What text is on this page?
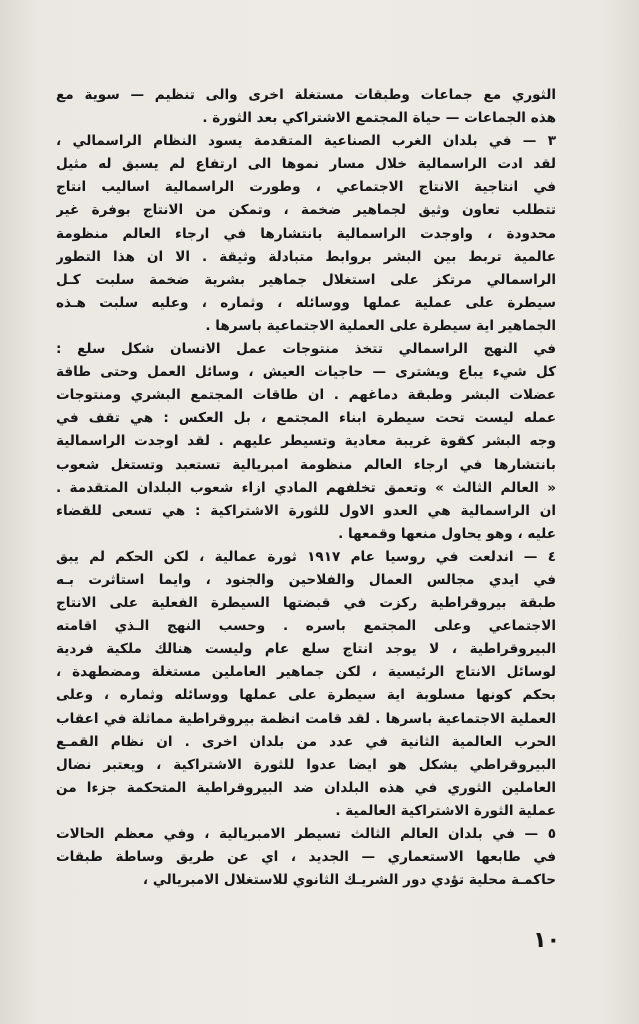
الثوري مع جماعات وطبقات مستغلة اخرى والى تنظيم — سوية مع
هذه الجماعات — حياة المجتمع الاشتراكي بعد الثورة .
٣ — في بلدان الغرب الصناعية المتقدمة يسود النظام الراسمالي ،
لقد ادت الراسمالية خلال مسار نموها الى ارتفاع لم يسبق له مثيل
في انتاجية الانتاج الاجتماعي ، وطورت الراسمالية اساليب انتاج
تتطلب تعاون وثيق لجماهير ضخمة ، وتمكن من الانتاج بوفرة غير
محدودة ، واوجدت الراسمالية بانتشارها في ارجاء العالم منظومة
عالمية تربط بين البشر بروابط متبادلة وثيقة . الا ان هذا التطور
الراسمالي مرتكز على استغلال جماهير بشرية ضخمة سلبت كـل
سيطرة على عملية عملها ووسائله ، وثماره ، وعليه سلبت هـذه
الجماهير اية سيطرة على العملية الاجتماعية باسرها .
في النهج الراسمالي تتخذ منتوجات عمل الانسان شكل سلع :
كل شيء يباع ويشترى — حاجيات العيش ، وسائل العمل وحتى طاقة
عضلات البشر وطبقة دماغهم . ان طاقات المجتمع البشري ومنتوجات
عمله ليست تحت سيطرة ابناء المجتمع ، بل العكس : هي تقف في
وجه البشر كقوة غريبة معادية وتسيطر عليهم . لقد اوجدت الراسمالية
بانتشارها في ارجاء العالم منظومة امبريالية تستعبد وتستغل شعوب
« العالم الثالث » وتعمق تخلفهم المادي ازاء شعوب البلدان المتقدمة .
ان الراسمالية هي العدو الاول للثورة الاشتراكية : هي تسعى للقضاء
عليه ، وهو يحاول منعها وقمعها .
٤ — اندلعت في روسيا عام ١٩١٧ ثورة عمالية ، لكن الحكم لم يبق
في ايدي مجالس العمال والفلاحين والجنود ، وايما استاثرت بـه
طبقة بيروقراطية ركزت في قبضتها السيطرة الفعلية على الانتاج
الاجتماعي وعلى المجتمع باسره . وحسب النهج الـذي اقامته
البيروقراطية ، لا يوجد انتاج سلع عام وليست هنالك ملكية فردية
لوسائل الانتاج الرئيسية ، لكن جماهير العاملين مستغلة ومضطهدة ،
بحكم كونها مسلوبة اية سيطرة على عملها ووسائله وثماره ، وعلى
العملية الاجتماعية باسرها . لقد قامت انظمة بيروقراطية مماثلة في اعقاب
الحرب العالمية الثانية في عدد من بلدان اخرى . ان نظام القمـع
البيروقراطي يشكل هو ايضا عدوا للثورة الاشتراكية ، ويعتبر نضال
العاملين الثوري في هذه البلدان ضد البيروقراطية المتحكمة جزءا من
عملية الثورة الاشتراكية العالمية .
٥ — في بلدان العالم الثالث تسيطر الامبريالية ، وفي معظم الحالات
في طابعها الاستعماري — الجديد ، اي عن طريق وساطة طبقات
حاكمـة محلية تؤدي دور الشريـك الثانوي للاستغلال الامبريالي ،
١٠
